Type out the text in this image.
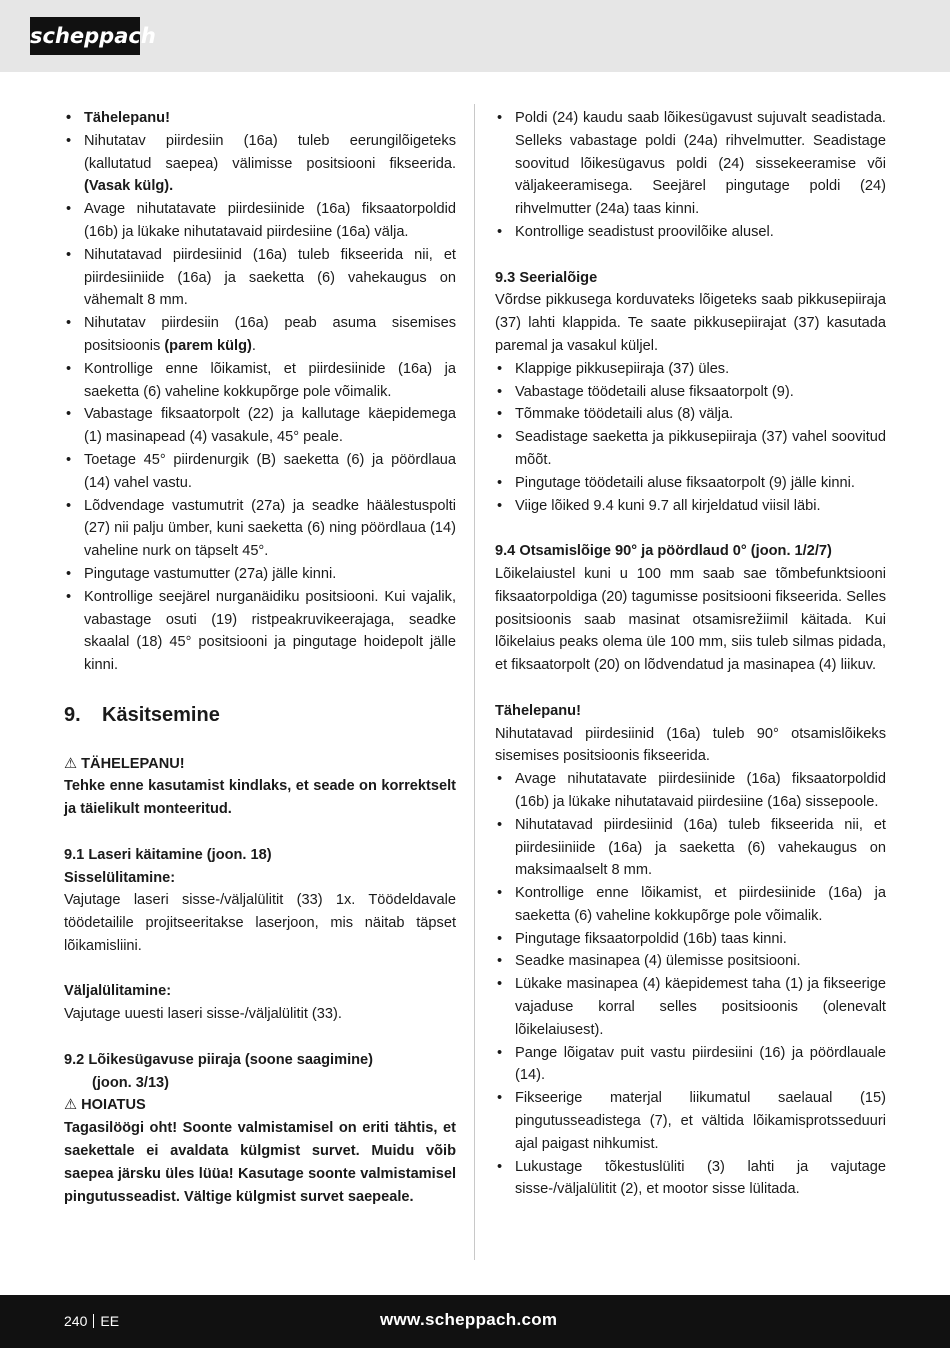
scheppach
• Tähelepanu!
• Nihutatav piirdesiin (16a) tuleb eerungilõigeteks (kallutatud saepea) välimisse positsiooni fikseerida. (Vasak külg).
• Avage nihutatavate piirdesiinide (16a) fiksaatorpoldid (16b) ja lükake nihutatavaid piirdesiine (16a) välja.
• Nihutatavad piirdesiinid (16a) tuleb fikseerida nii, et piirdesiiniide (16a) ja saeketta (6) vahekaugus on vähemalt 8 mm.
• Nihutatav piirdesiin (16a) peab asuma sisemises positsioonis (parem külg).
• Kontrollige enne lõikamist, et piirdesiinide (16a) ja saeketta (6) vaheline kokkupõrge pole võimalik.
• Vabastage fiksaatorpolt (22) ja kallutage käepidemega (1) masinapead (4) vasakule, 45° peale.
• Toetage 45° piirdenurgik (B) saeketta (6) ja pöördlaua (14) vahel vastu.
• Lõdvendage vastumutrit (27a) ja seadke häälestuspolti (27) nii palju ümber, kuni saeketta (6) ning pöördlaua (14) vaheline nurk on täpselt 45°.
• Pingutage vastumutter (27a) jälle kinni.
• Kontrollige seejärel nurganäidiku positsiooni. Kui vajalik, vabastage osuti (19) ristpeakruvikeerajaga, seadke skaalal (18) 45° positsiooni ja pingutage hoidepolt jälle kinni.
9. Käsitsemine

⚠ TÄHELEPANU!

Tehke enne kasutamist kindlaks, et seade on korrektselt ja täielikult monteeritud.

9.1 Laseri käitamine (joon. 18)

Sisselülitamine:

Vajutage laseri sisse-/väljalülitit (33) 1x. Töödeldavale töödetailile projitseeritakse laserjoon, mis näitab täpset lõikamisliini.

Väljalülitamine:

Vajutage uuesti laseri sisse-/väljalülitit (33).

9.2 Lõikesügavuse piiraja (soone saagimine)

(joon. 3/13)

⚠ HOIATUS

Tagasilöögi oht! Soonte valmistamisel on eriti tähtis, et saekettale ei avaldata külgmist survet. Muidu võib saepea järsku üles lüüa! Kasutage soonte valmistamisel pingutusseadist. Vältige külgmist survet saepeale.

• Poldi (24) kaudu saab lõikesügavust sujuvalt seadistada. Selleks vabastage poldi (24a) rihvelmutter. Seadistage soovitud lõikesügavus poldi (24) sissekeeramise või väljakeeramisega. Seejärel pingutage poldi (24) rihvelmutter (24a) taas kinni.
• Kontrollige seadistust proovilõike alusel.

9.3 Seerialõige

Võrdse pikkusega korduvateks lõigeteks saab pikkusepiiraja (37) lahti klappida. Te saate pikkusepiirajat (37) kasutada paremal ja vasakul küljel.

• Klappige pikkusepiiraja (37) üles.
• Vabastage töödetaili aluse fiksaatorpolt (9).
• Tõmmake töödetaili alus (8) välja.
• Seadistage saeketta ja pikkusepiiraja (37) vahel soovitud mõõt.
• Pingutage töödetaili aluse fiksaatorpolt (9) jälle kinni.
• Viige lõiked 9.4 kuni 9.7 all kirjeldatud viisil läbi.

9.4 Otsamislõige 90° ja pöördlaud 0° (joon. 1/2/7)

Lõikelaiustel kuni u 100 mm saab sae tõmbefunktsiooni fiksaatorpoldiga (20) tagumisse positsiooni fikseerida. Selles positsioonis saab masinat otsamisrežiimil käitada. Kui lõikelaius peaks olema üle 100 mm, siis tuleb silmas pidada, et fiksaatorpolt (20) on lõdvendatud ja masinapea (4) liikuv.

Tähelepanu!

Nihutatavad piirdesiinid (16a) tuleb 90° otsamislõikeks sisemises positsioonis fikseerida.

• Avage nihutatavate piirdesiinide (16a) fiksaatorpoldid (16b) ja lükake nihutatavaid piirdesiine (16a) sissepoole.
• Nihutatavad piirdesiinid (16a) tuleb fikseerida nii, et piirdesiiniide (16a) ja saeketta (6) vahekaugus on maksimaalselt 8 mm.
• Kontrollige enne lõikamist, et piirdesiinide (16a) ja saeketta (6) vaheline kokkupõrge pole võimalik.
• Pingutage fiksaatorpoldid (16b) taas kinni.
• Seadke masinapea (4) ülemisse positsiooni.
• Lükake masinapea (4) käepidemest taha (1) ja fikseerige vajaduse korral selles positsioonis (olenevalt lõikelaiusest).
• Pange lõigatav puit vastu piirdesiini (16) ja pöördlauale (14).
• Fikseerige materjal liikumatul saelaual (15) pingutusseadistega (7), et vältida lõikamisprotsseduuri ajal paigast nihkumist.
• Lukustage tõkestuslüliti (3) lahti ja vajutage sisse-/väljalülitit (2), et mootor sisse lülitada.
240 EE	www.scheppach.com
